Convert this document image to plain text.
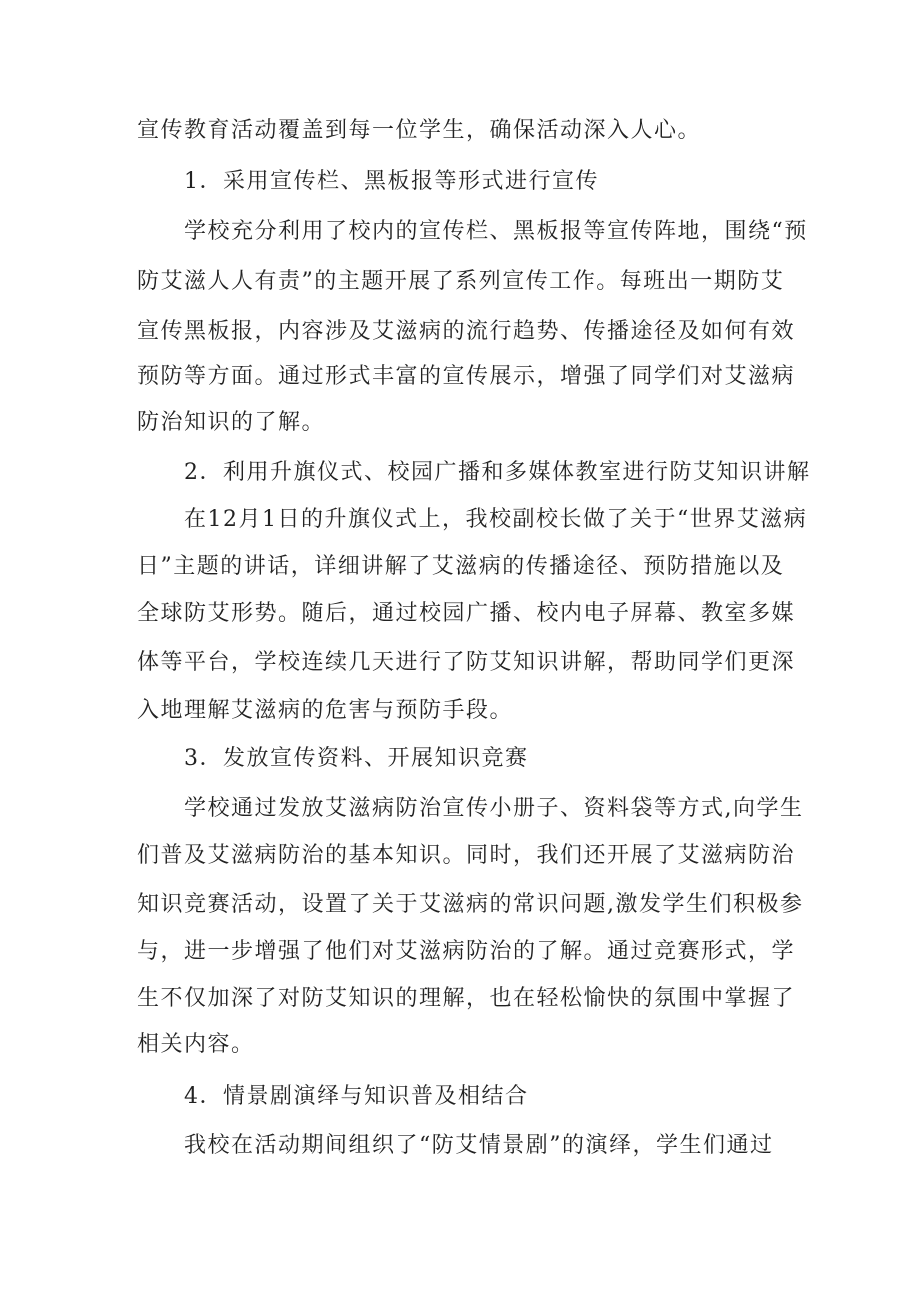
宣传教育活动覆盖到每一位学生，确保活动深入人心。
1．采用宣传栏、黑板报等形式进行宣传
学校充分利用了校内的宣传栏、黑板报等宣传阵地，围绕“预
防艾滋人人有责”的主题开展了系列宣传工作。每班出一期防艾
宣传黑板报，内容涉及艾滋病的流行趋势、传播途径及如何有效
预防等方面。通过形式丰富的宣传展示，增强了同学们对艾滋病
防治知识的了解。
2．利用升旗仪式、校园广播和多媒体教室进行防艾知识讲解
在12月1日的升旗仪式上，我校副校长做了关于“世界艾滋病
日”主题的讲话，详细讲解了艾滋病的传播途径、预防措施以及
全球防艾形势。随后，通过校园广播、校内电子屏幕、教室多媒
体等平台，学校连续几天进行了防艾知识讲解，帮助同学们更深
入地理解艾滋病的危害与预防手段。
3．发放宣传资料、开展知识竞赛
学校通过发放艾滋病防治宣传小册子、资料袋等方式,向学生
们普及艾滋病防治的基本知识。同时，我们还开展了艾滋病防治
知识竞赛活动，设置了关于艾滋病的常识问题,激发学生们积极参
与，进一步增强了他们对艾滋病防治的了解。通过竞赛形式，学
生不仅加深了对防艾知识的理解，也在轻松愉快的氛围中掌握了
相关内容。
4．情景剧演绎与知识普及相结合
我校在活动期间组织了“防艾情景剧”的演绎，学生们通过
